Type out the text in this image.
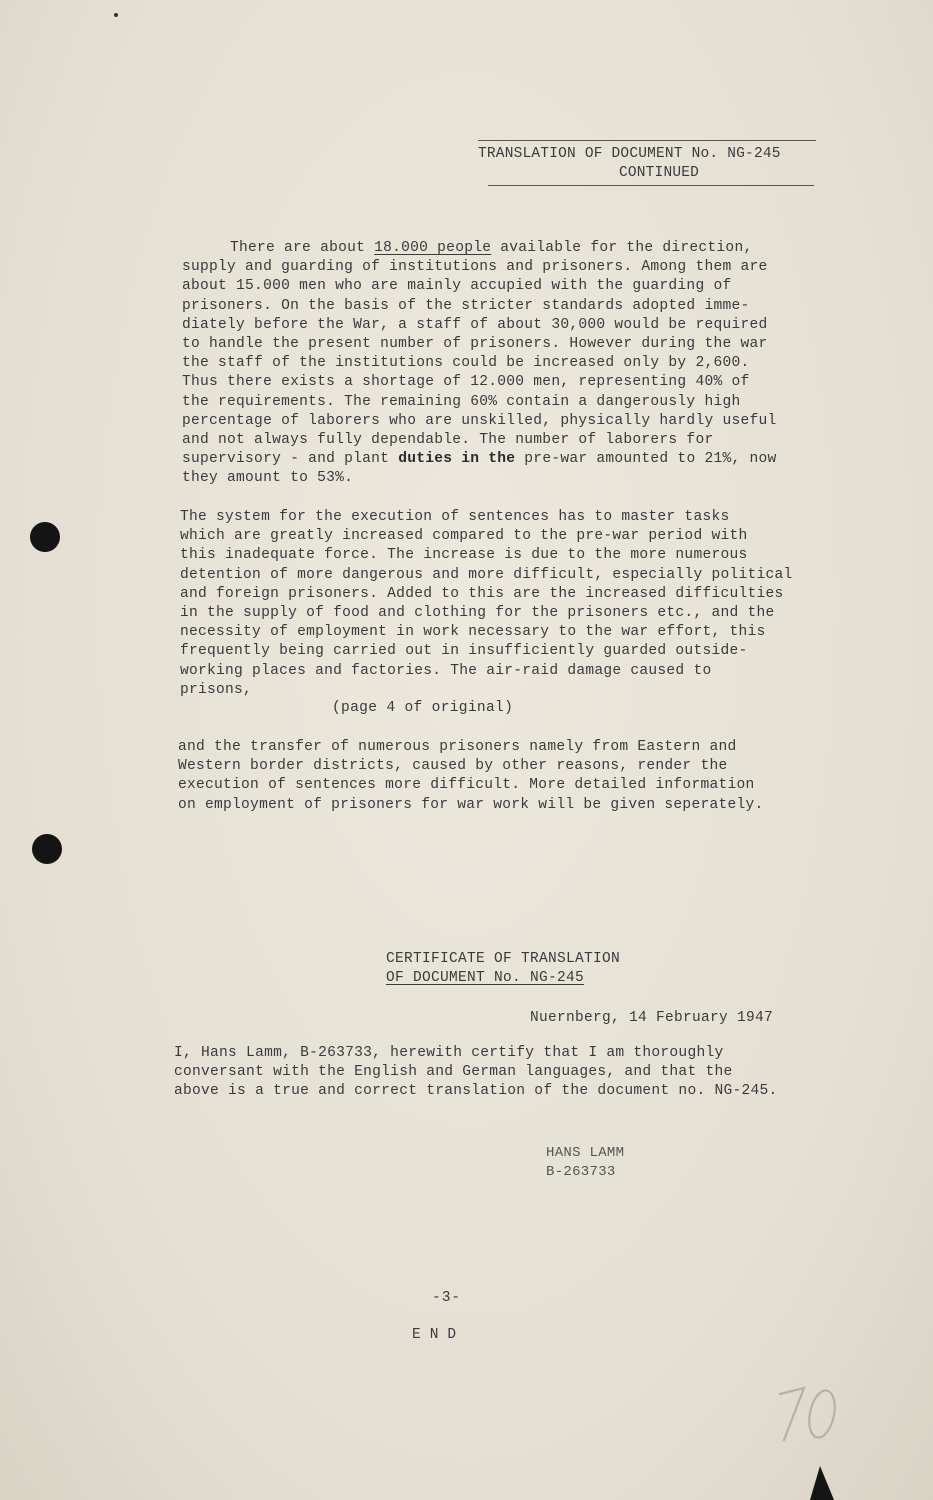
TRANSLATION OF DOCUMENT No. NG-245
CONTINUED
There are about 18.000 people available for the direction,
supply and guarding of institutions and prisoners. Among them are
about 15.000 men who are mainly accupied with the guarding of
prisoners. On the basis of the stricter standards adopted imme-
diately before the War, a staff of about 30,000 would be required
to handle the present number of prisoners. However during the war
the staff of the institutions could be increased only by 2,600.
Thus there exists a shortage of 12.000 men, representing 40% of
the requirements. The remaining 60% contain a dangerously high
percentage of laborers who are unskilled, physically hardly useful
and not always fully dependable. The number of laborers for
supervisory - and plant duties in the pre-war amounted to 21%, now
they amount to 53%.
The system for the execution of sentences has to master tasks
which are greatly increased compared to the pre-war period with
this inadequate force. The increase is due to the more numerous
detention of more dangerous and more difficult, especially political
and foreign prisoners. Added to this are the increased difficulties
in the supply of food and clothing for the prisoners etc., and the
necessity of employment in work necessary to the war effort, this
frequently being carried out in insufficiently guarded outside-
working places and factories. The air-raid damage caused to
prisons,
(page 4 of original)
and the transfer of numerous prisoners namely from Eastern and
Western border districts, caused by other reasons, render the
execution of sentences more difficult. More detailed information
on employment of prisoners for war work will be given seperately.
CERTIFICATE OF TRANSLATION
OF DOCUMENT No. NG-245
Nuernberg, 14 February 1947
I, Hans Lamm, B-263733, herewith certify that I am thoroughly
conversant with the English and German languages, and that the
above is a true and correct translation of the document no. NG-245.
HANS LAMM
B-263733
-3-
END
